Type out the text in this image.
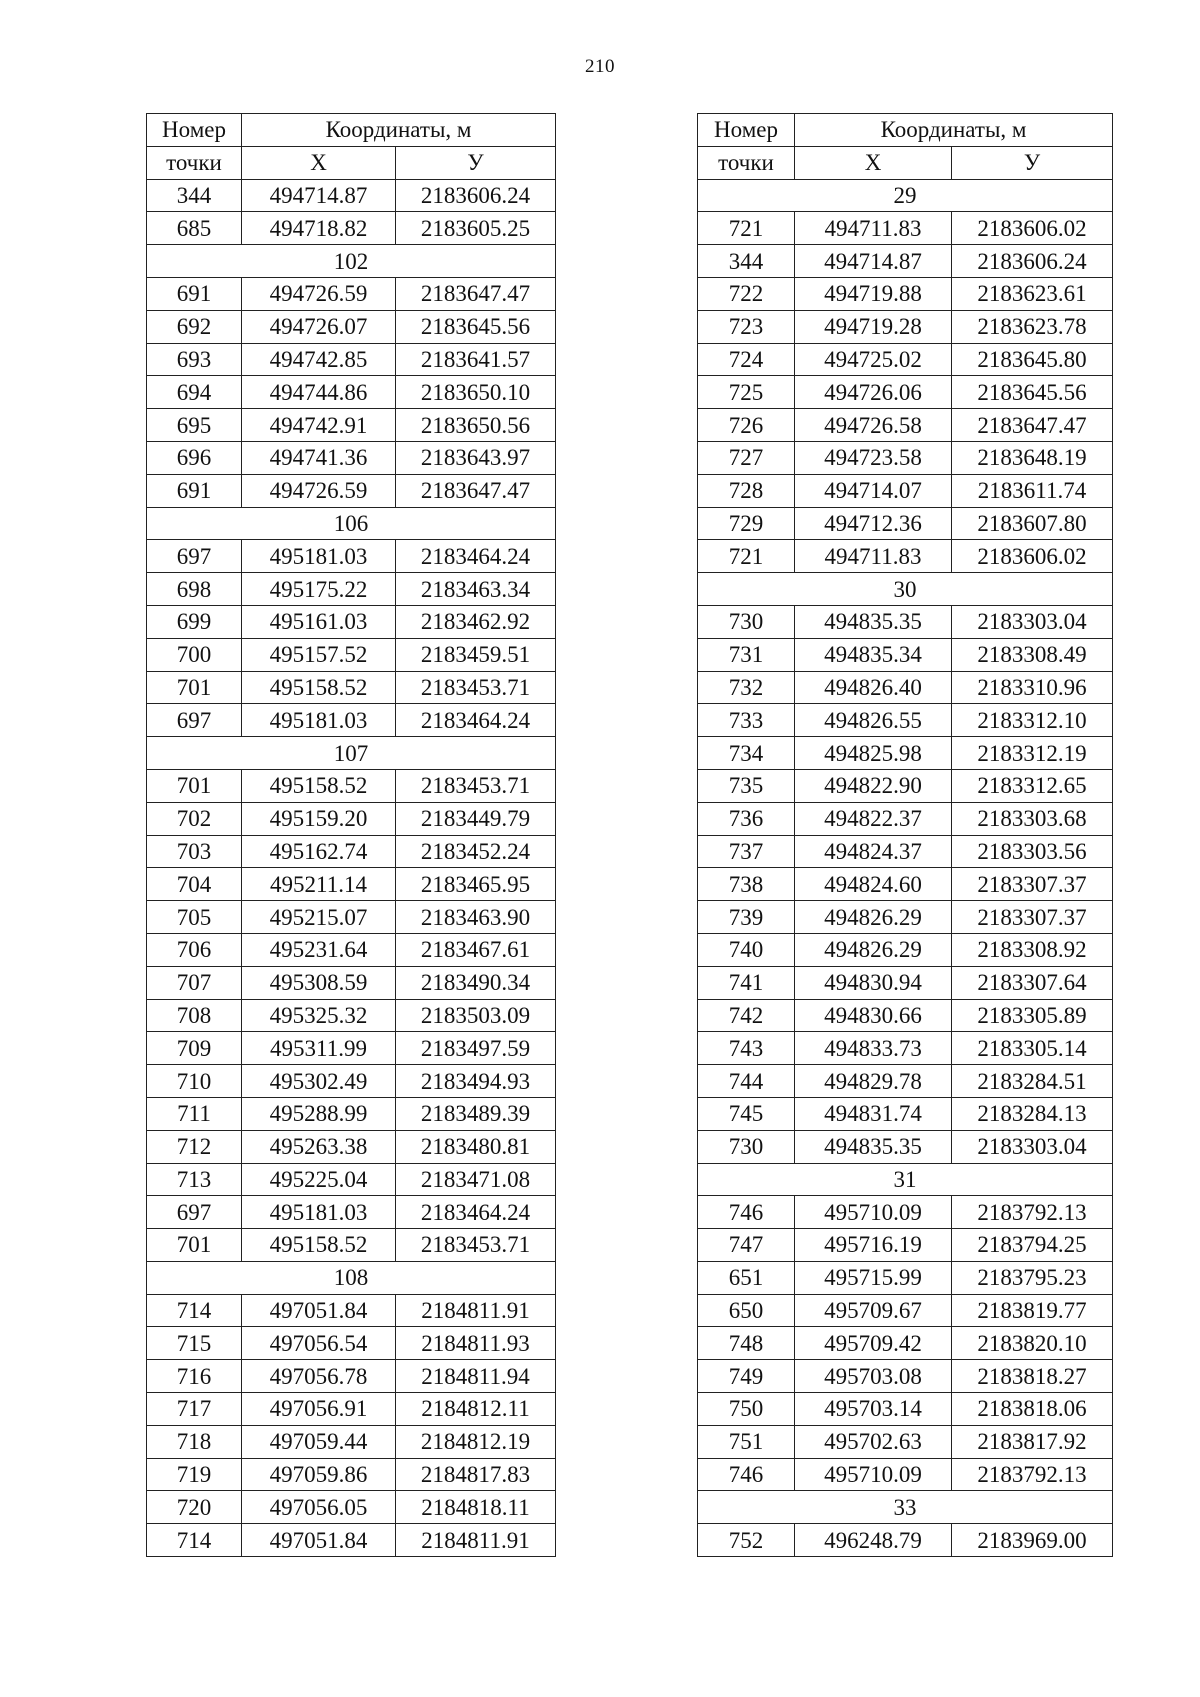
210
Номер	Координаты, м	
точки	Х	У
344	494714.87	2183606.24
685	494718.82	2183605.25
102		
691	494726.59	2183647.47
692	494726.07	2183645.56
693	494742.85	2183641.57
694	494744.86	2183650.10
695	494742.91	2183650.56
696	494741.36	2183643.97
691	494726.59	2183647.47
106		
697	495181.03	2183464.24
698	495175.22	2183463.34
699	495161.03	2183462.92
700	495157.52	2183459.51
701	495158.52	2183453.71
697	495181.03	2183464.24
107		
701	495158.52	2183453.71
702	495159.20	2183449.79
703	495162.74	2183452.24
704	495211.14	2183465.95
705	495215.07	2183463.90
706	495231.64	2183467.61
707	495308.59	2183490.34
708	495325.32	2183503.09
709	495311.99	2183497.59
710	495302.49	2183494.93
711	495288.99	2183489.39
712	495263.38	2183480.81
713	495225.04	2183471.08
697	495181.03	2183464.24
701	495158.52	2183453.71
108		
714	497051.84	2184811.91
715	497056.54	2184811.93
716	497056.78	2184811.94
717	497056.91	2184812.11
718	497059.44	2184812.19
719	497059.86	2184817.83
720	497056.05	2184818.11
714	497051.84	2184811.91
Номер	Координаты, м	
точки	Х	У
29		
721	494711.83	2183606.02
344	494714.87	2183606.24
722	494719.88	2183623.61
723	494719.28	2183623.78
724	494725.02	2183645.80
725	494726.06	2183645.56
726	494726.58	2183647.47
727	494723.58	2183648.19
728	494714.07	2183611.74
729	494712.36	2183607.80
721	494711.83	2183606.02
30		
730	494835.35	2183303.04
731	494835.34	2183308.49
732	494826.40	2183310.96
733	494826.55	2183312.10
734	494825.98	2183312.19
735	494822.90	2183312.65
736	494822.37	2183303.68
737	494824.37	2183303.56
738	494824.60	2183307.37
739	494826.29	2183307.37
740	494826.29	2183308.92
741	494830.94	2183307.64
742	494830.66	2183305.89
743	494833.73	2183305.14
744	494829.78	2183284.51
745	494831.74	2183284.13
730	494835.35	2183303.04
31		
746	495710.09	2183792.13
747	495716.19	2183794.25
651	495715.99	2183795.23
650	495709.67	2183819.77
748	495709.42	2183820.10
749	495703.08	2183818.27
750	495703.14	2183818.06
751	495702.63	2183817.92
746	495710.09	2183792.13
33		
752	496248.79	2183969.00
